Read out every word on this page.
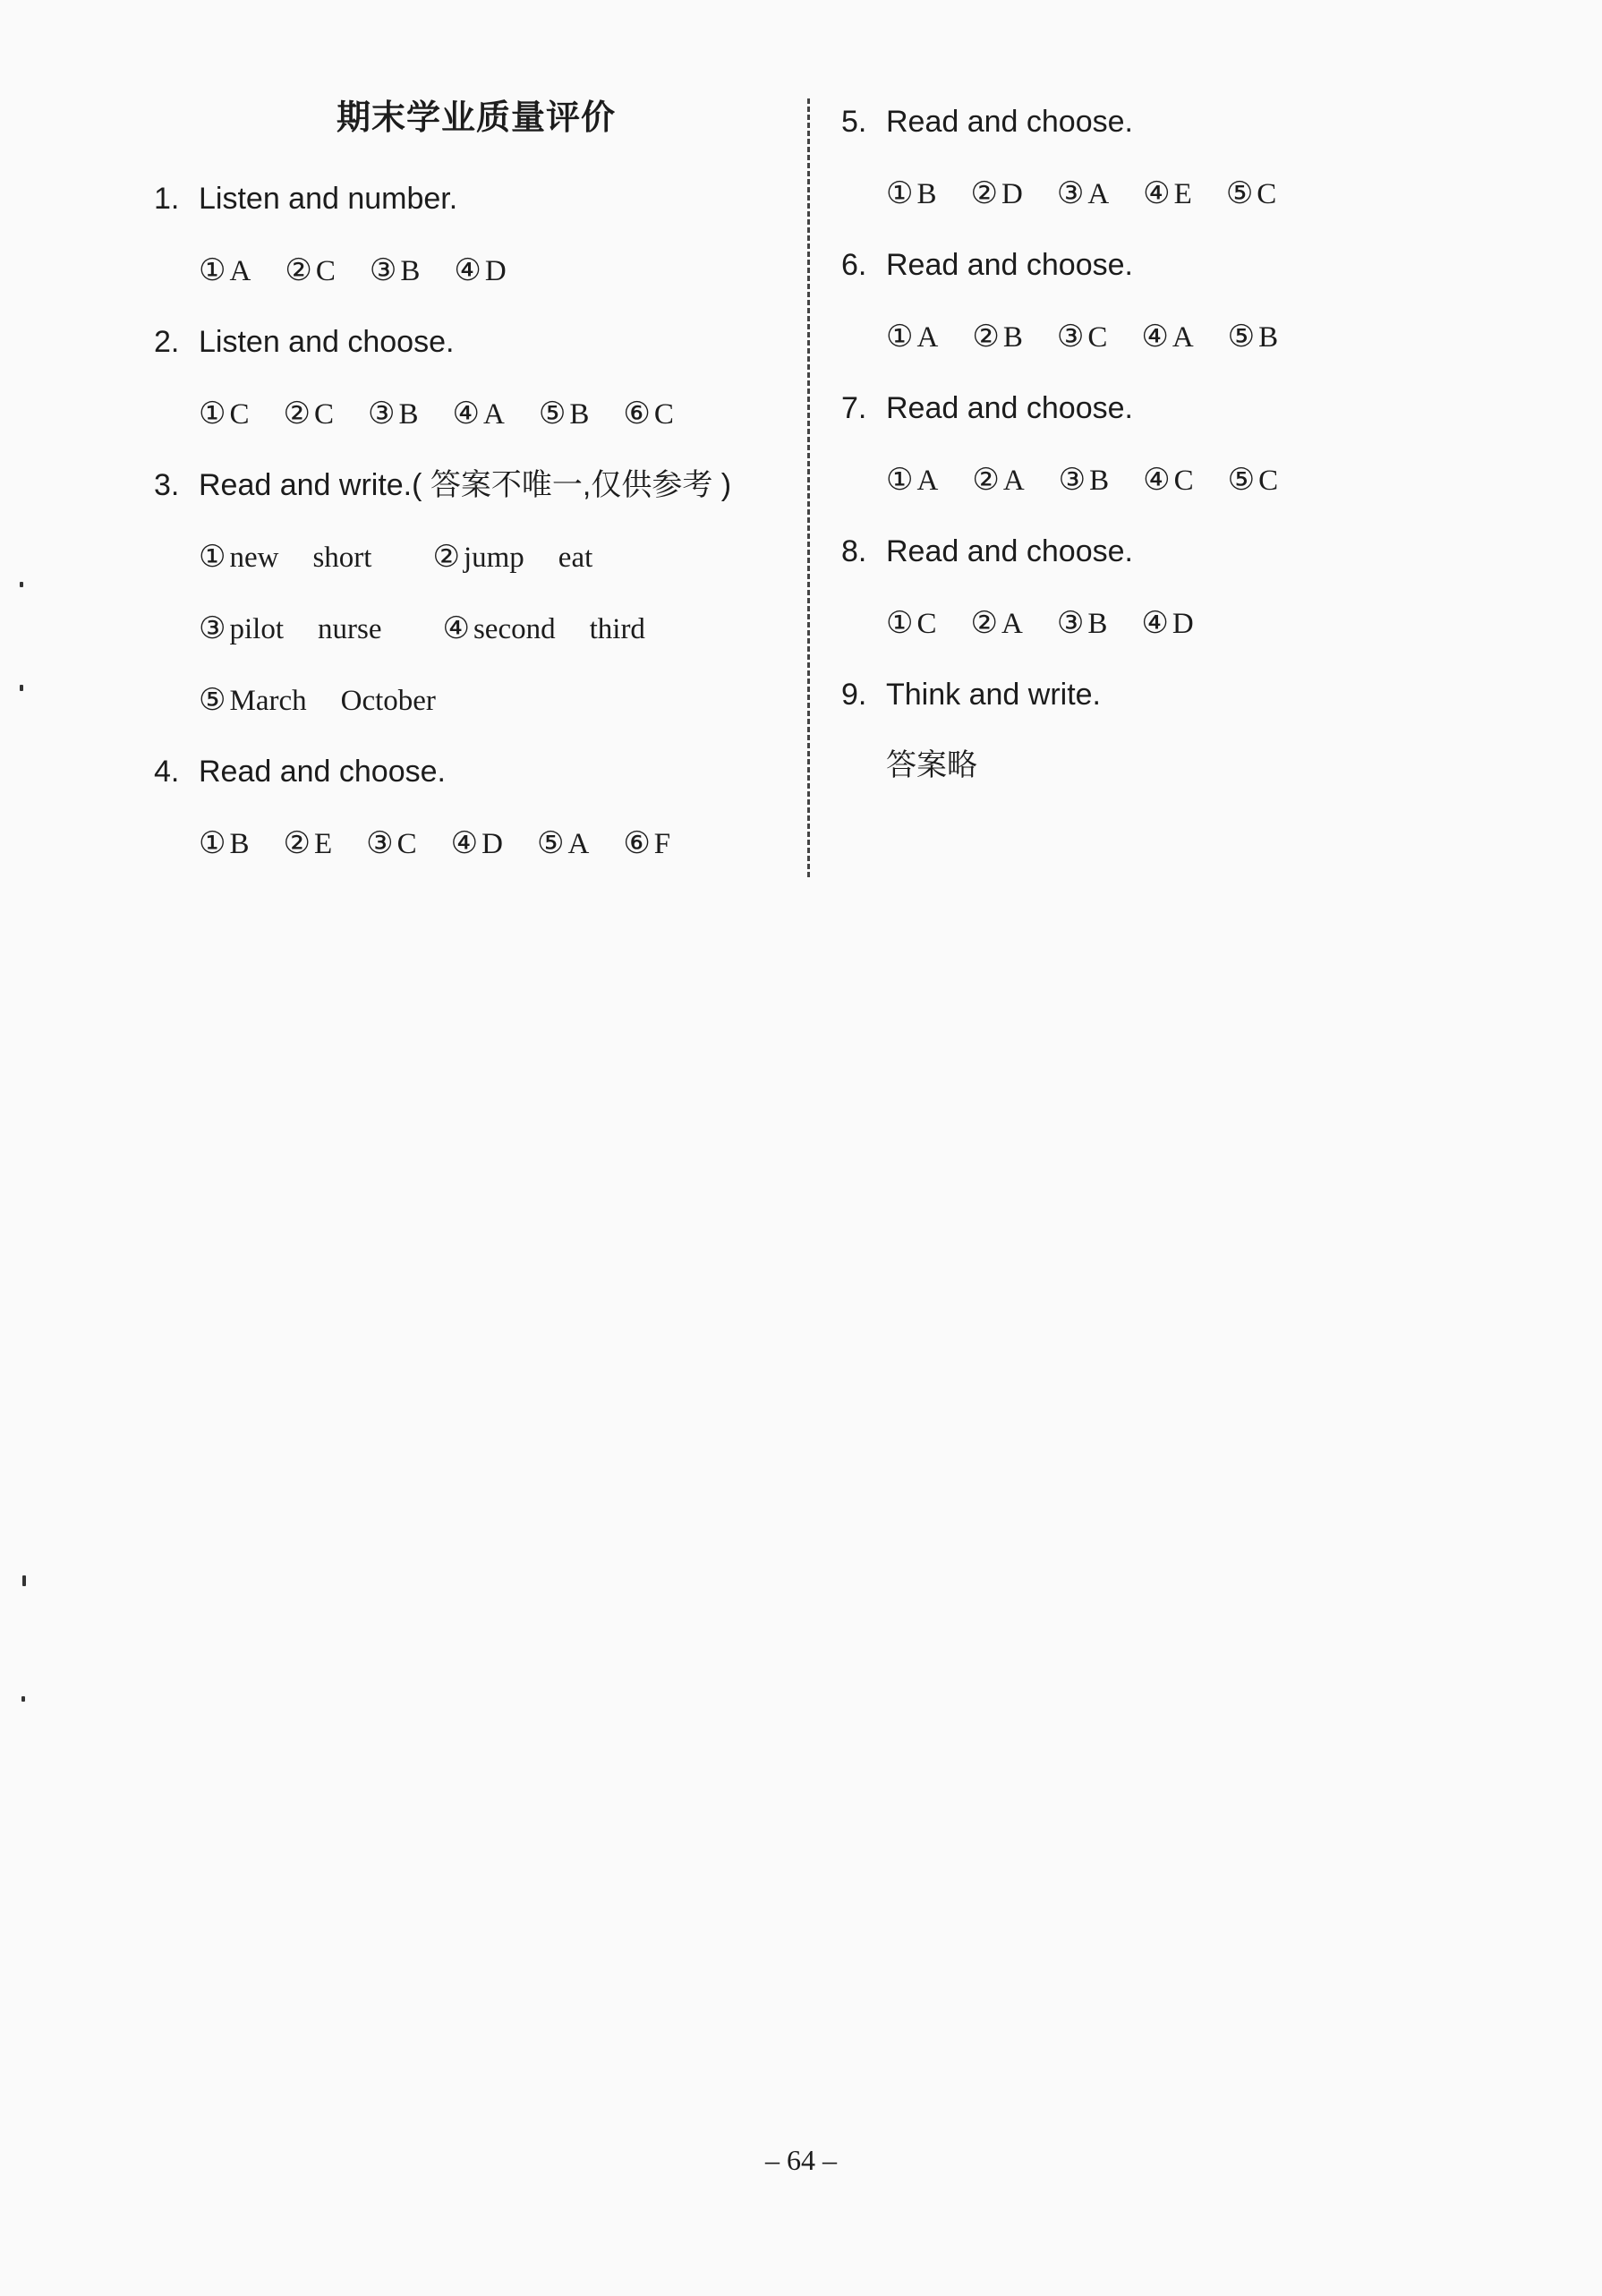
期末学业质量评价
1. Listen and number.
① A ② C ③ B ④ D
2. Listen and choose.
① C ② C ③ B ④ A ⑤ B ⑥ C
3. Read and write.( 答案不唯一,仅供参考 )
① new short ② jump eat
③ pilot nurse ④ second third
⑤ March October
4. Read and choose.
① B ② E ③ C ④ D ⑤ A ⑥ F
5. Read and choose.
① B ② D ③ A ④ E ⑤ C
6. Read and choose.
① A ② B ③ C ④ A ⑤ B
7. Read and choose.
① A ② A ③ B ④ C ⑤ C
8. Read and choose.
① C ② A ③ B ④ D
9. Think and write.
答案略
– 64 –
